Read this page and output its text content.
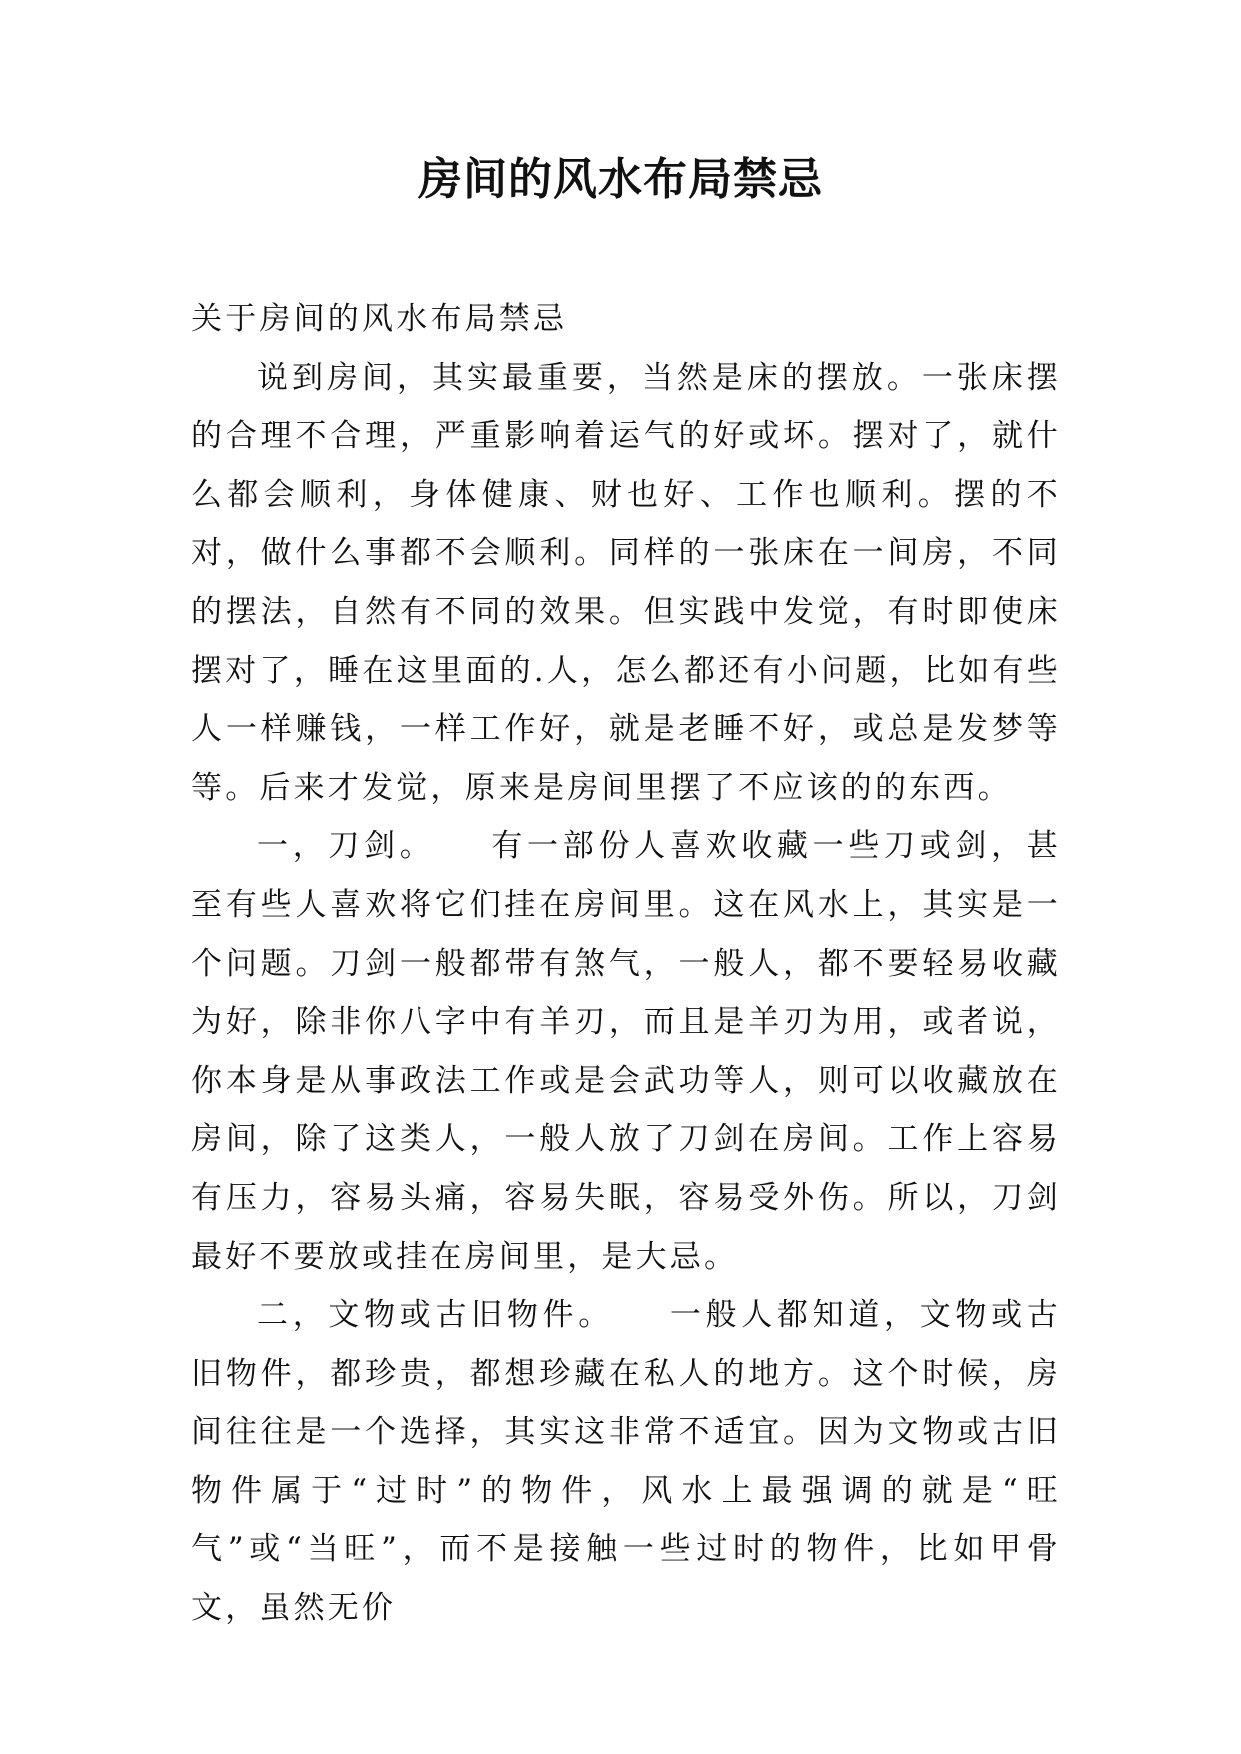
房间的风水布局禁忌

关于房间的风水布局禁忌

说到房间，其实最重要，当然是床的摆放。一张床摆的合理不合理，严重影响着运气的好或坏。摆对了，就什么都会顺利，身体健康、财也好、工作也顺利。摆的不对，做什么事都不会顺利。同样的一张床在一间房，不同的摆法，自然有不同的效果。但实践中发觉，有时即使床摆对了，睡在这里面的.人，怎么都还有小问题，比如有些人一样赚钱，一样工作好，就是老睡不好，或总是发梦等等。后来才发觉，原来是房间里摆了不应该的的东西。

一，刀剑。　　有一部份人喜欢收藏一些刀或剑，甚至有些人喜欢将它们挂在房间里。这在风水上，其实是一个问题。刀剑一般都带有煞气，一般人，都不要轻易收藏为好，除非你八字中有羊刃，而且是羊刃为用，或者说，你本身是从事政法工作或是会武功等人，则可以收藏放在房间，除了这类人，一般人放了刀剑在房间。工作上容易有压力，容易头痛，容易失眠，容易受外伤。所以，刀剑最好不要放或挂在房间里，是大忌。

二，文物或古旧物件。　　一般人都知道，文物或古旧物件，都珍贵，都想珍藏在私人的地方。这个时候，房间往往是一个选择，其实这非常不适宜。因为文物或古旧物件属于“过时”的物件，风水上最强调的就是“旺气”或“当旺”，而不是接触一些过时的物件，比如甲骨文，虽然无价
